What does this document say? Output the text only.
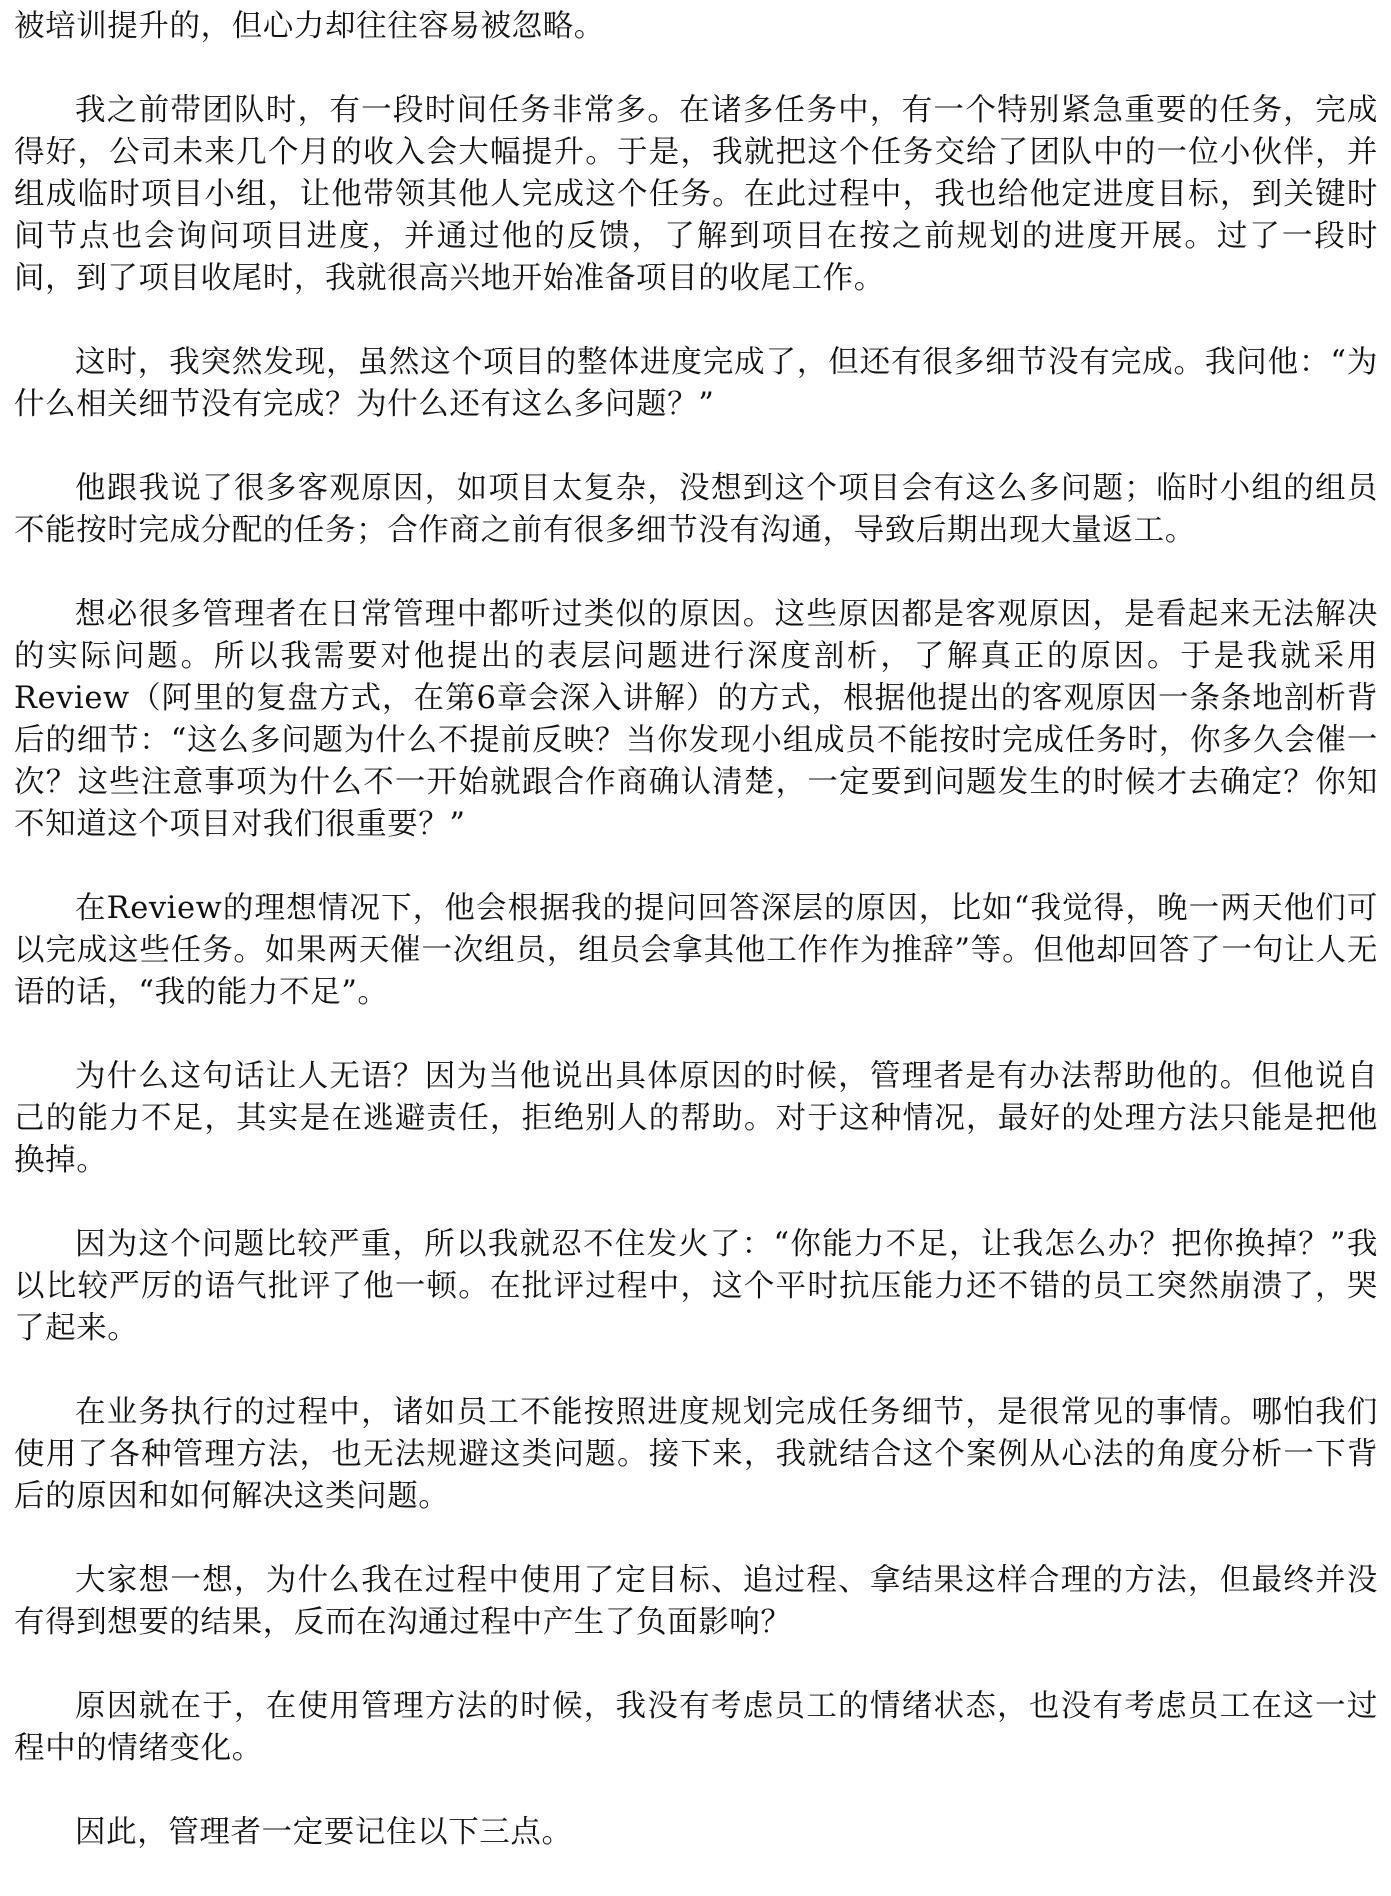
被培训提升的，但心力却往往容易被忽略。

我之前带团队时，有一段时间任务非常多。在诸多任务中，有一个特别紧急重要的任务，完成得好，公司未来几个月的收入会大幅提升。于是，我就把这个任务交给了团队中的一位小伙伴，并组成临时项目小组，让他带领其他人完成这个任务。在此过程中，我也给他定进度目标，到关键时间节点也会询问项目进度，并通过他的反馈，了解到项目在按之前规划的进度开展。过了一段时间，到了项目收尾时，我就很高兴地开始准备项目的收尾工作。

这时，我突然发现，虽然这个项目的整体进度完成了，但还有很多细节没有完成。我问他：“为什么相关细节没有完成？为什么还有这么多问题？”

他跟我说了很多客观原因，如项目太复杂，没想到这个项目会有这么多问题；临时小组的组员不能按时完成分配的任务；合作商之前有很多细节没有沟通，导致后期出现大量返工。

想必很多管理者在日常管理中都听过类似的原因。这些原因都是客观原因，是看起来无法解决的实际问题。所以我需要对他提出的表层问题进行深度剖析，了解真正的原因。于是我就采用Review（阿里的复盘方式，在第6章会深入讲解）的方式，根据他提出的客观原因一条条地剖析背后的细节：“这么多问题为什么不提前反映？当你发现小组成员不能按时完成任务时，你多久会催一次？这些注意事项为什么不一开始就跟合作商确认清楚，一定要到问题发生的时候才去确定？你知不知道这个项目对我们很重要？”

在Review的理想情况下，他会根据我的提问回答深层的原因，比如“我觉得，晚一两天他们可以完成这些任务。如果两天催一次组员，组员会拿其他工作作为推辞”等。但他却回答了一句让人无语的话，“我的能力不足”。

为什么这句话让人无语？因为当他说出具体原因的时候，管理者是有办法帮助他的。但他说自己的能力不足，其实是在逃避责任，拒绝别人的帮助。对于这种情况，最好的处理方法只能是把他换掉。

因为这个问题比较严重，所以我就忍不住发火了：“你能力不足，让我怎么办？把你换掉？”我以比较严厉的语气批评了他一顿。在批评过程中，这个平时抗压能力还不错的员工突然崩溃了，哭了起来。

在业务执行的过程中，诸如员工不能按照进度规划完成任务细节，是很常见的事情。哪怕我们使用了各种管理方法，也无法规避这类问题。接下来，我就结合这个案例从心法的角度分析一下背后的原因和如何解决这类问题。

大家想一想，为什么我在过程中使用了定目标、追过程、拿结果这样合理的方法，但最终并没有得到想要的结果，反而在沟通过程中产生了负面影响？

原因就在于，在使用管理方法的时候，我没有考虑员工的情绪状态，也没有考虑员工在这一过程中的情绪变化。

因此，管理者一定要记住以下三点。
